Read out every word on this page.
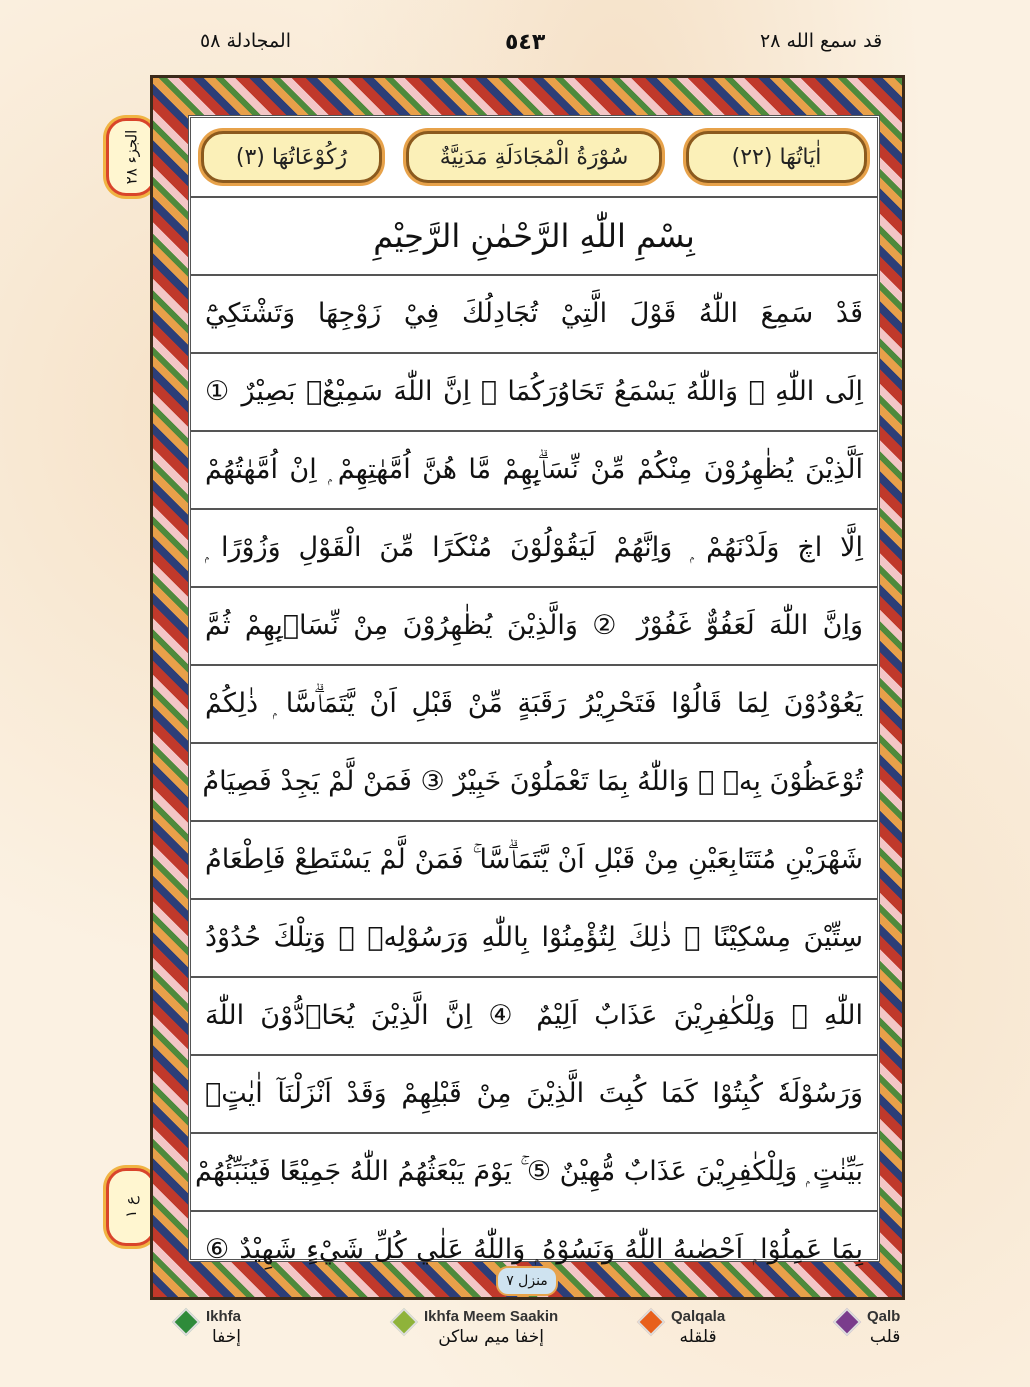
قد سمع الله ٢٨
٥٤٣
المجادلة ٥٨
الجزء ٢٨
ع ١
اٰيَاتُهَا (٢٢)
سُوْرَةُ الْمُجَادَلَةِ مَدَنِيَّةٌ
رُكُوْعَاتُهَا (٣)
بِسْمِ اللّٰهِ الرَّحْمٰنِ الرَّحِيْمِ
قَدْ سَمِعَ اللّٰهُ قَوْلَ الَّتِيْ تُجَادِلُكَ فِيْ زَوْجِهَا وَتَشْتَكِيْٓ
اِلَى اللّٰهِ ۖ وَاللّٰهُ يَسْمَعُ تَحَاوُرَكُمَا ۭ اِنَّ اللّٰهَ سَمِيْعٌۢ بَصِيْرٌ ①
اَلَّذِيْنَ يُظٰهِرُوْنَ مِنْكُمْ مِّنْ نِّسَاۗىِٕهِمْ مَّا هُنَّ اُمَّهٰتِهِمْ ۭ اِنْ اُمَّهٰتُهُمْ
اِلَّا اڿ وَلَدْنَهُمْ ۭ وَاِنَّهُمْ لَيَقُوْلُوْنَ مُنْكَرًا مِّنَ الْقَوْلِ وَزُوْرًا ۭ
وَاِنَّ اللّٰهَ لَعَفُوٌّ غَفُوْرٌ ② وَالَّذِيْنَ يُظٰهِرُوْنَ مِنْ نِّسَاۗىِٕهِمْ ثُمَّ
يَعُوْدُوْنَ لِمَا قَالُوْا فَتَحْرِيْرُ رَقَبَةٍ مِّنْ قَبْلِ اَنْ يَّتَمَاۗسَّا ۭ ذٰلِكُمْ
تُوْعَظُوْنَ بِهٖ ۭ وَاللّٰهُ بِمَا تَعْمَلُوْنَ خَبِيْرٌ ③ فَمَنْ لَّمْ يَجِدْ فَصِيَامُ
شَهْرَيْنِ مُتَتَابِعَيْنِ مِنْ قَبْلِ اَنْ يَّتَمَاۗسَّا ۚ فَمَنْ لَّمْ يَسْتَطِعْ فَاِطْعَامُ
سِتِّيْنَ مِسْكِيْنًا ۭ ذٰلِكَ لِتُؤْمِنُوْا بِاللّٰهِ وَرَسُوْلِهٖ ۭ وَتِلْكَ حُدُوْدُ
اللّٰهِ ۭ وَلِلْكٰفِرِيْنَ عَذَابٌ اَلِيْمٌ ④ اِنَّ الَّذِيْنَ يُحَاۗدُّوْنَ اللّٰهَ
وَرَسُوْلَهٗ كُبِتُوْا كَمَا كُبِتَ الَّذِيْنَ مِنْ قَبْلِهِمْ وَقَدْ اَنْزَلْنَآ اٰيٰتٍۢ
بَيِّنٰتٍ ۭ وَلِلْكٰفِرِيْنَ عَذَابٌ مُّهِيْنٌ ⑤ ۚ يَوْمَ يَبْعَثُهُمُ اللّٰهُ جَمِيْعًا فَيُنَبِّئُهُمْ
بِمَا عَمِلُوْا ۭ اَحْصٰىهُ اللّٰهُ وَنَسُوْهُ ۭ وَاللّٰهُ عَلٰي كُلِّ شَيْءٍ شَهِيْدٌ ⑥
منزل ٧
Ikhfa
إخفا
Ikhfa Meem Saakin
إخفا ميم ساكن
Qalqala
قلقله
Qalb
قلب
